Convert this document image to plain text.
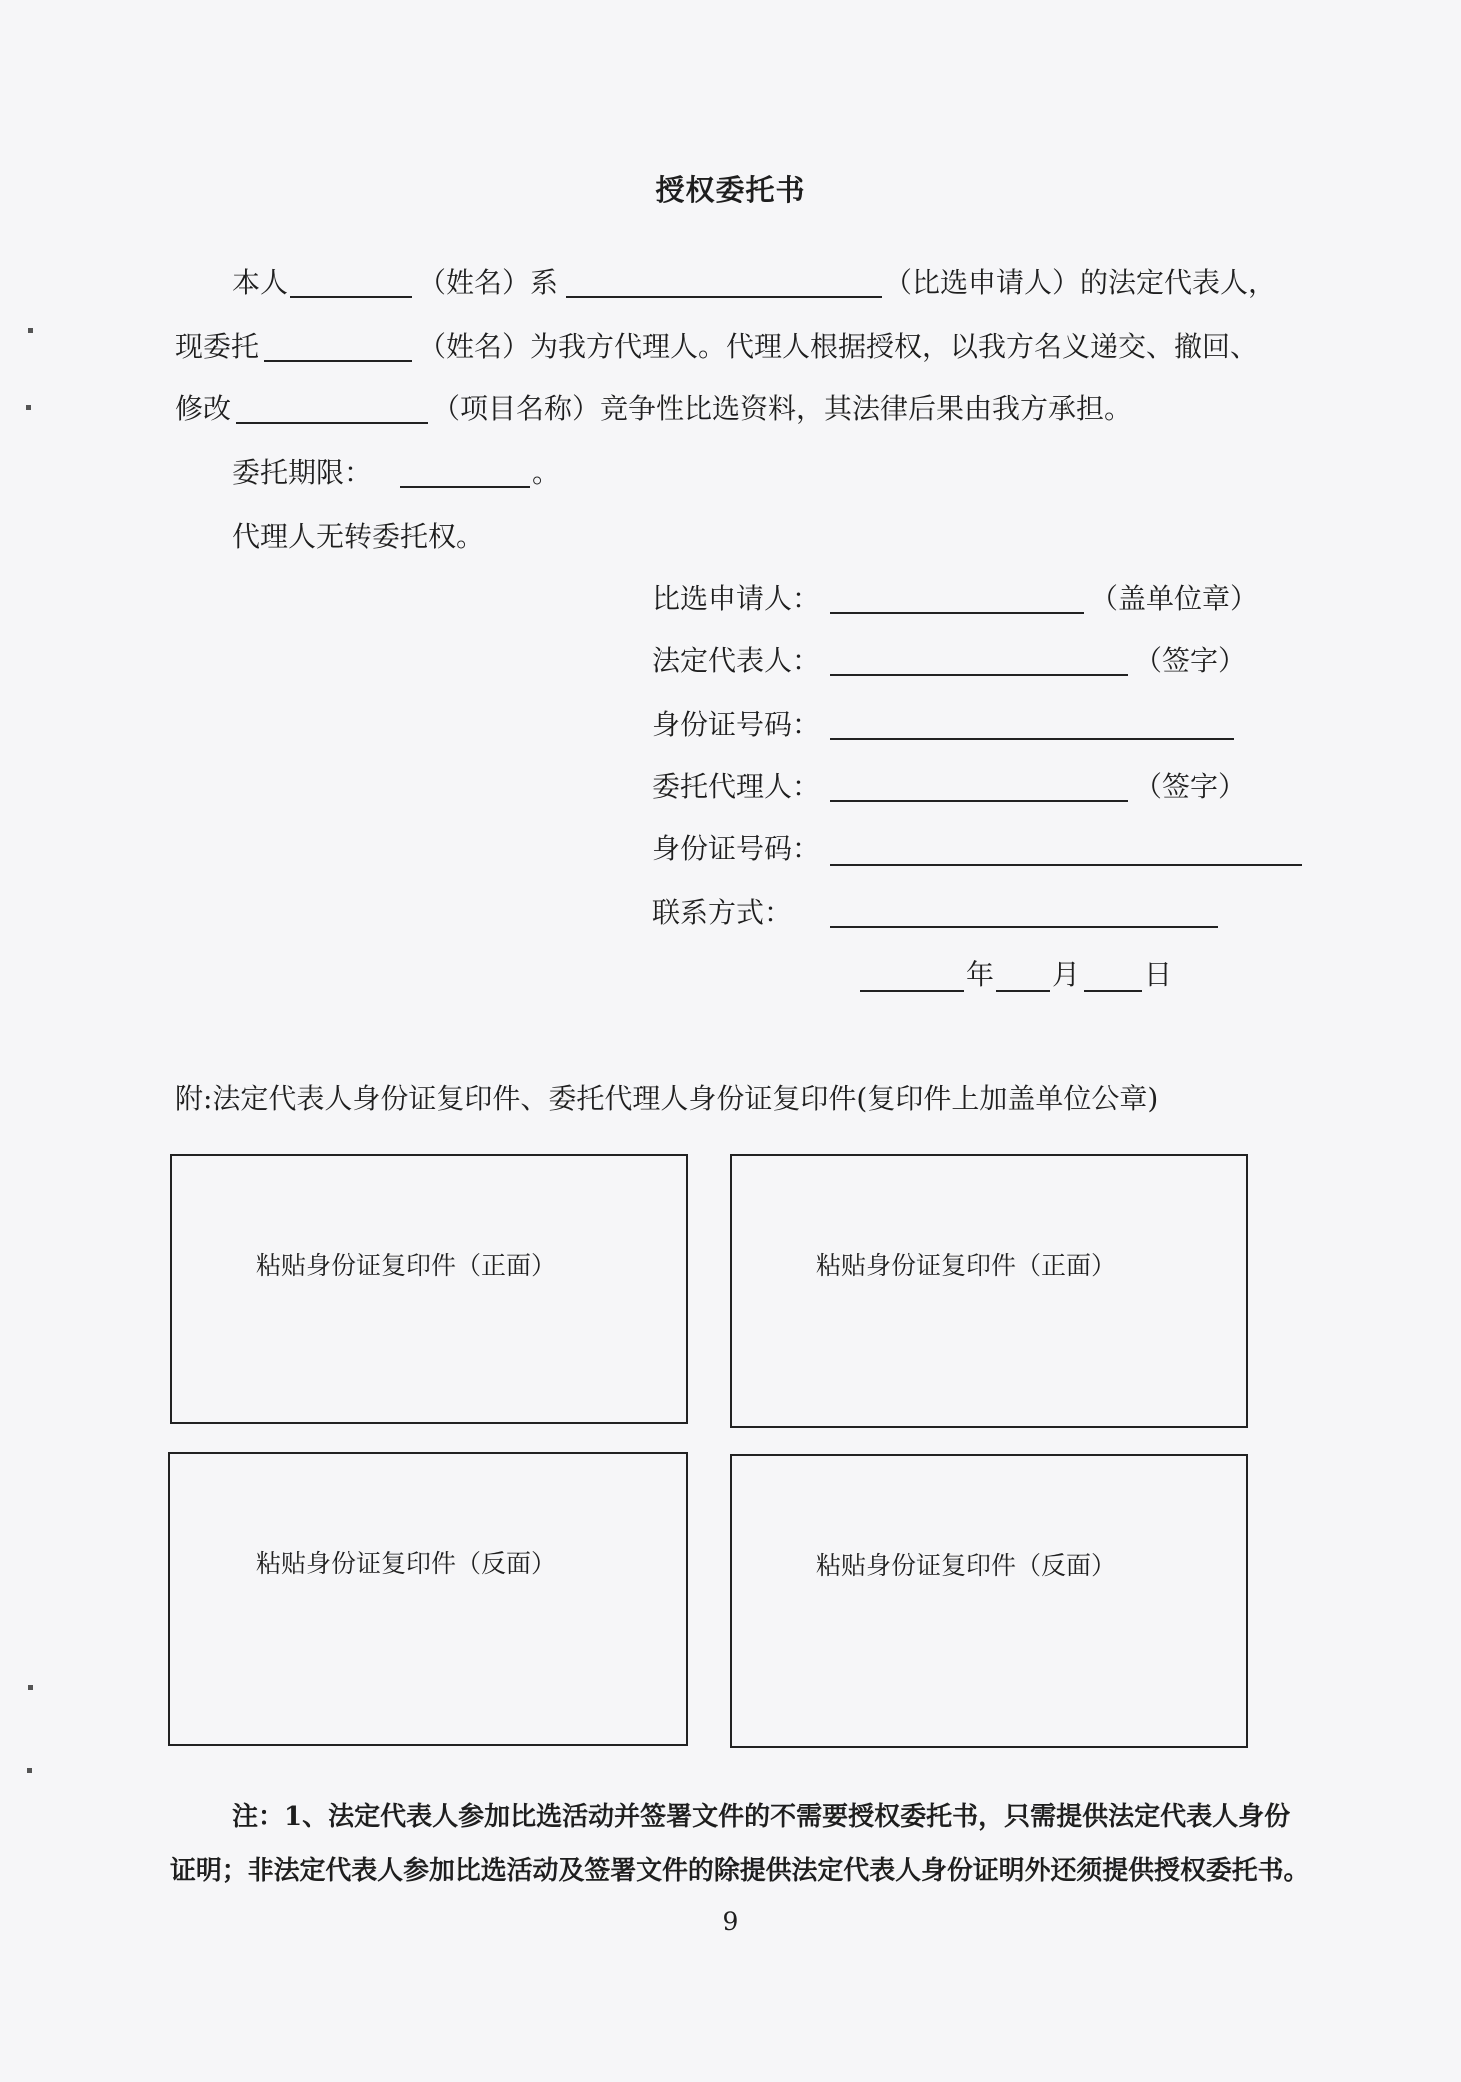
授权委托书
本人	（姓名）系	（比选申请人）的法定代表人，
现委托	（姓名）为我方代理人。代理人根据授权，以我方名义递交、撤回、
修改	（项目名称）竞争性比选资料，其法律后果由我方承担。
委托期限：	。
代理人无转委托权。
比选申请人：	（盖单位章）
法定代表人：	（签字）
身份证号码：
委托代理人：	（签字）
身份证号码：
联系方式：
年 月 日
附:法定代表人身份证复印件、委托代理人身份证复印件(复印件上加盖单位公章)
粘贴身份证复印件（正面）	粘贴身份证复印件（正面）
粘贴身份证复印件（反面）	粘贴身份证复印件（反面）
注：1、法定代表人参加比选活动并签署文件的不需要授权委托书，只需提供法定代表人身份
证明；非法定代表人参加比选活动及签署文件的除提供法定代表人身份证明外还须提供授权委托书。
9
